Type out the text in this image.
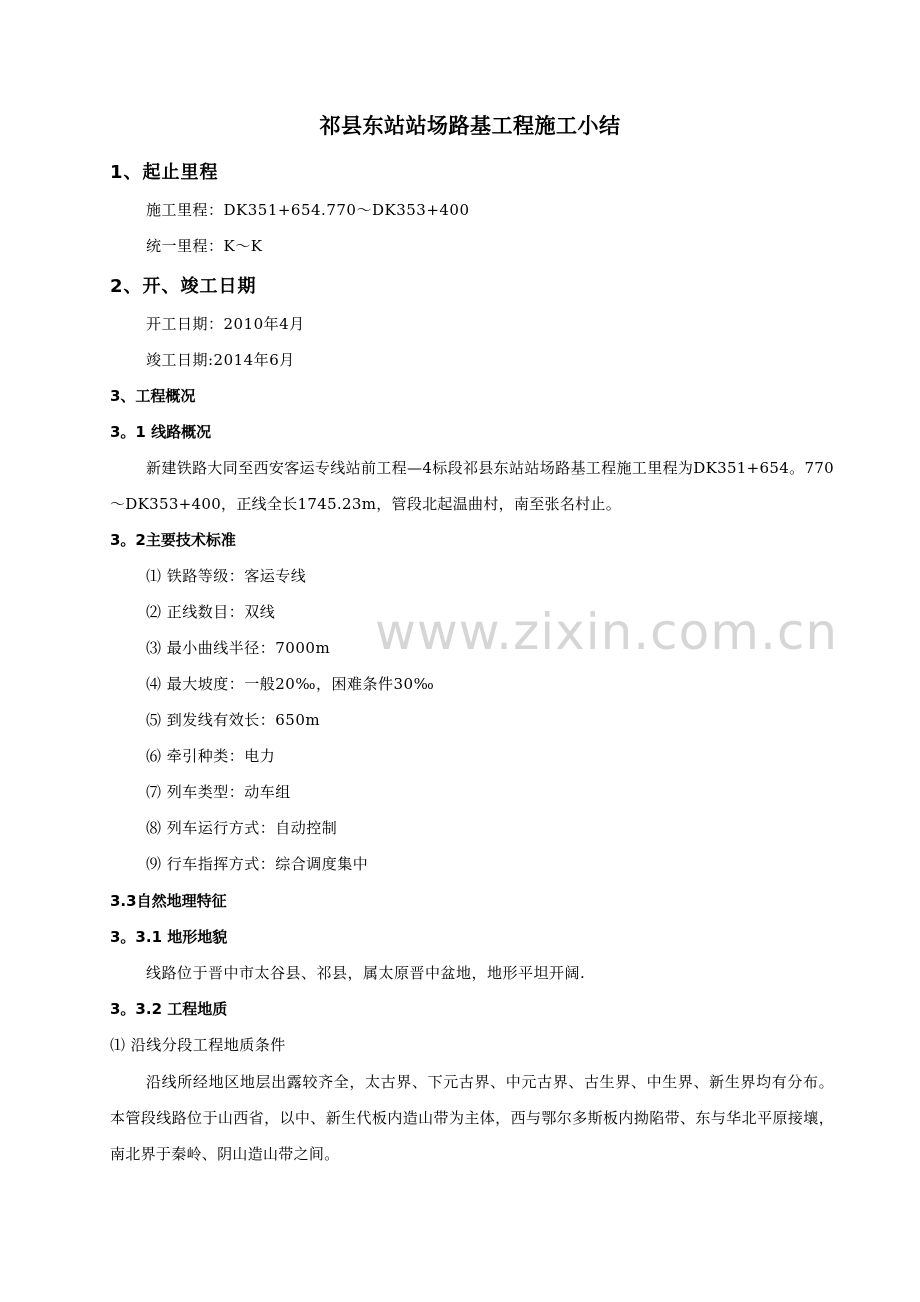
祁县东站站场路基工程施工小结
1、起止里程
施工里程：DK351+654.770～DK353+400
统一里程：K～K
2、开、竣工日期
开工日期：2010年4月
竣工日期:2014年6月
3、工程概况
3。1 线路概况
新建铁路大同至西安客运专线站前工程—4标段祁县东站站场路基工程施工里程为DK351+654。770～DK353+400，正线全长1745.23m，管段北起温曲村，南至张名村止。
3。2主要技术标准
⑴ 铁路等级：客运专线
⑵ 正线数目：双线
⑶ 最小曲线半径：7000m
⑷ 最大坡度：一般20‰，困难条件30‰
⑸ 到发线有效长：650m
⑹ 牵引种类：电力
⑺ 列车类型：动车组
⑻ 列车运行方式：自动控制
⑼ 行车指挥方式：综合调度集中
3.3自然地理特征
3。3.1 地形地貌
线路位于晋中市太谷县、祁县，属太原晋中盆地，地形平坦开阔.
3。3.2 工程地质
⑴ 沿线分段工程地质条件
沿线所经地区地层出露较齐全，太古界、下元古界、中元古界、古生界、中生界、新生界均有分布。本管段线路位于山西省，以中、新生代板内造山带为主体，西与鄂尔多斯板内拗陷带、东与华北平原接壤，南北界于秦岭、阴山造山带之间。
www.zixin.com.cn
